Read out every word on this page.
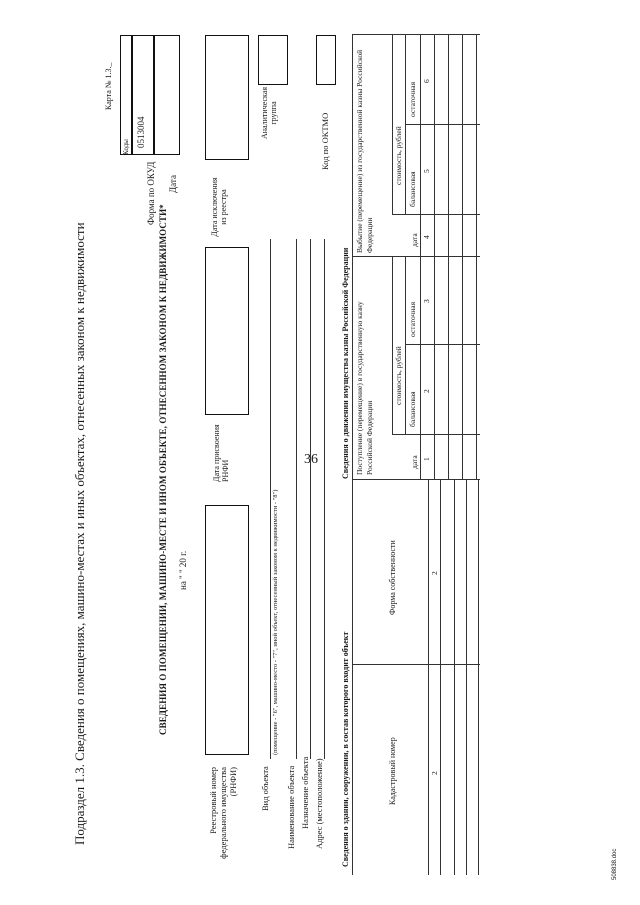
36
508838.doc
Подраздел 1.3. Сведения о помещениях, машино-местах и иных объектах, отнесенных законом к недвижимости
Карта № 1.3._
Коды 0513004
Форма по ОКУД Дата
СВЕДЕНИЯ О ПОМЕЩЕНИИ, МАШИНО-МЕСТЕ И ИНОМ ОБЪЕКТЕ, ОТНЕСЕННОМ ЗАКОНОМ К НЕДВИЖИМОСТИ* на " " 20 г.
Реестровый номер федерального имущества (РНФИ)
Дата присвоения РНФИ
Дата исключения из реестра
Аналитическая группа
Вид объекта
(помещение - "6", машино-место - "7", иной объект, отнесенный законом к недвижимости - "8")
Наименование объекта Назначение объекта Адрес (местоположение)
Код по ОКТМО
Сведения о здании, сооружении, в состав которого входит объект	Кадастровый номер
Форма собственности
2
2
Сведения о движении имущества казны Российской Федерации Поступление (перемещение) в государственную казну Российской Федерации
Выбытие (перемещение) из государственной казны Российской Федерации
стоимость, рублей
балансовая
остаточная
дата
стоимость, рублей
балансовая
остаточная
дата
1
2
3
4
5
6
